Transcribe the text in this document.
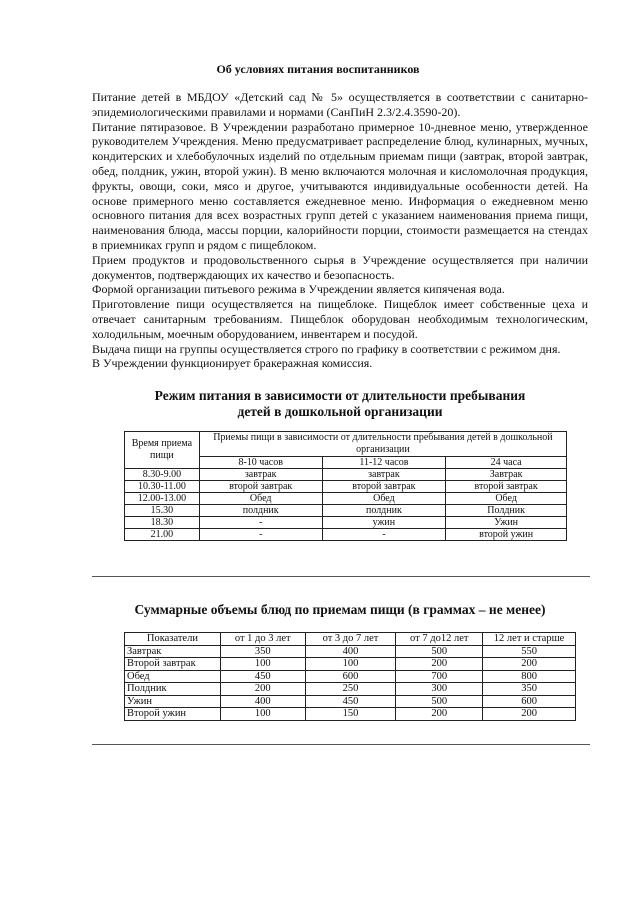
Об условиях питания воспитанников

Питание детей в МБДОУ «Детский сад № 5» осуществляется в соответствии с санитарно-эпидемиологическими правилами и нормами (СанПиН 2.3/2.4.3590-20).

Питание пятиразовое. В Учреждении разработано примерное 10-дневное меню, утвержденное руководителем Учреждения. Меню предусматривает распределение блюд, кулинарных, мучных, кондитерских и хлебобулочных изделий по отдельным приемам пищи (завтрак, второй завтрак, обед, полдник, ужин, второй ужин). В меню включаются молочная и кисломолочная продукция, фрукты, овощи, соки, мясо и другое, учитываются индивидуальные особенности детей. На основе примерного меню составляется ежедневное меню. Информация о ежедневном меню основного питания для всех возрастных групп детей с указанием наименования приема пищи, наименования блюда, массы порции, калорийности порции, стоимости размещается на стендах в приемниках групп и рядом с пищеблоком.

Прием продуктов и продовольственного сырья в Учреждение осуществляется при наличии документов, подтверждающих их качество и безопасность.

Формой организации питьевого режима в Учреждении является кипяченая вода.

Приготовление пищи осуществляется на пищеблоке. Пищеблок имеет собственные цеха и отвечает санитарным требованиям. Пищеблок оборудован необходимым технологическим, холодильным, моечным оборудованием, инвентарем и посудой.

Выдача пищи на группы осуществляется строго по графику в соответствии с режимом дня.

В Учреждении функционирует бракеражная комиссия.

Режим питания в зависимости от длительности пребывания детей в дошкольной организации
Время приема пищи	Приемы пищи в зависимости от длительности пребывания детей в дошкольной организации		

	8-10 часов	11-12 часов	24 часа
8.30-9.00	завтрак	завтрак	Завтрак
10.30-11.00	второй завтрак	второй завтрак	второй завтрак
12.00-13.00	Обед	Обед	Обед
15.30	полдник	полдник	Полдник
18.30	-	ужин	Ужин
21.00	-	-	второй ужин
Суммарные объемы блюд по приемам пищи (в граммах – не менее)
Показатели	от 1 до 3 лет	от 3 до 7 лет	от 7 до12 лет	12 лет и старше
Завтрак	350	400	500	550
Второй завтрак	100	100	200	200
Обед	450	600	700	800
Полдник	200	250	300	350
Ужин	400	450	500	600
Второй ужин	100	150	200	200
